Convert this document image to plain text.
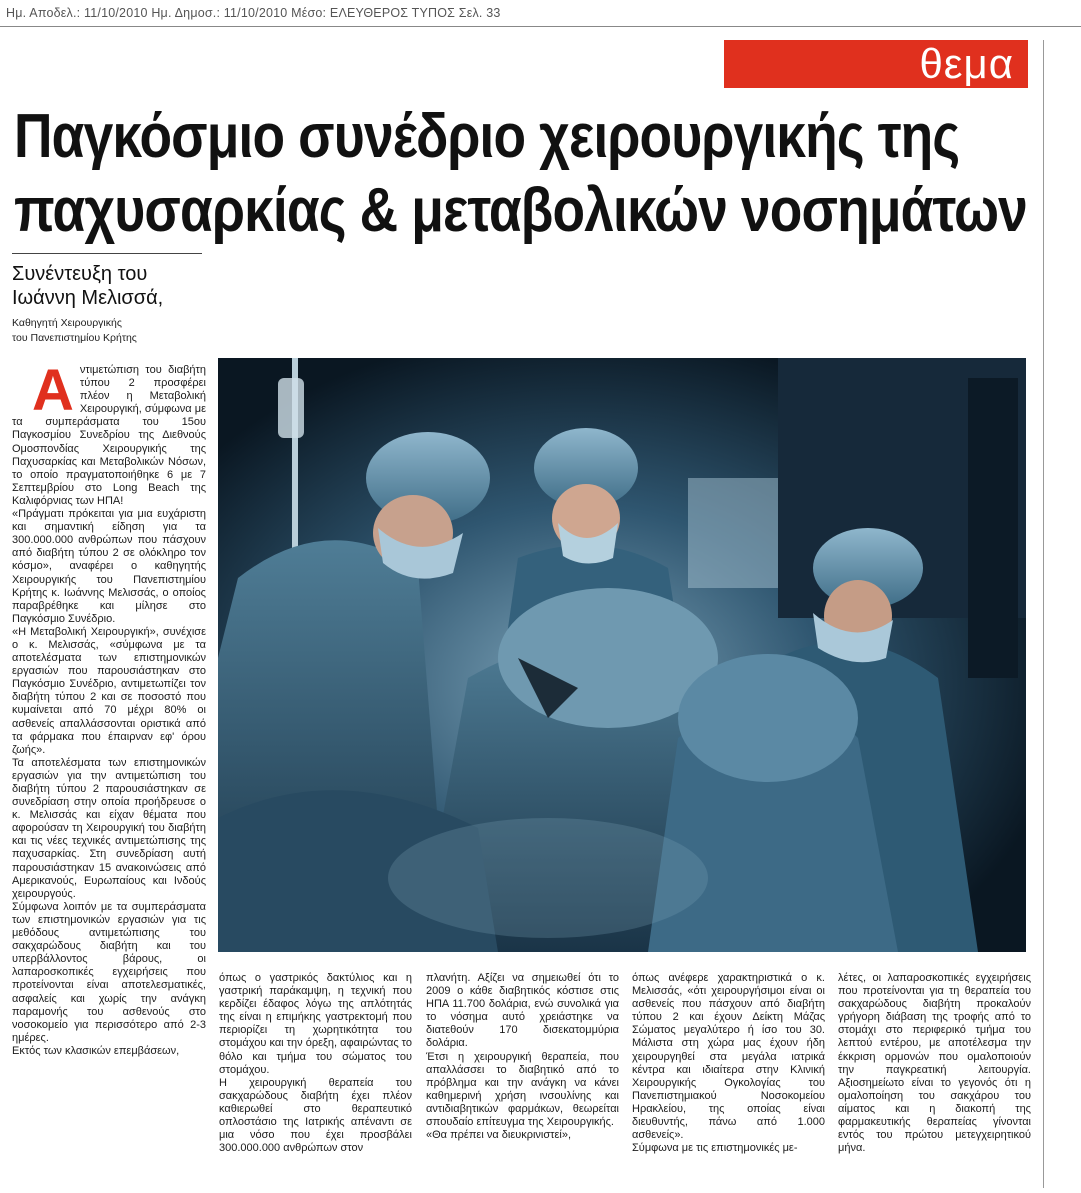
Ημ. Αποδελ.: 11/10/2010 Ημ. Δημοσ.: 11/10/2010 Μέσο: ΕΛΕΥΘΕΡΟΣ ΤΥΠΟΣ Σελ. 33
θεμα
Παγκόσμιο συνέδριο χειρουργικής της
παχυσαρκίας & μεταβολικών νοσημάτων
Συνέντευξη του
Ιωάννη Μελισσά,
Καθηγητή Χειρουργικής
του Πανεπιστημίου Κρήτης
Α ντιμετώπιση του διαβήτη τύπου 2 προσφέρει πλέον η Μεταβολική Χειρουργική, σύμφωνα με τα συμπεράσματα του 15ου Παγκοσμίου Συνεδρίου της Διεθνούς Ομοσπονδίας Χειρουργικής της Παχυσαρκίας και Μεταβολικών Νόσων, το οποίο πραγματοποιήθηκε 6 με 7 Σεπτεμβρίου στο Long Beach της Καλιφόρνιας των ΗΠΑ!

«Πράγματι πρόκειται για μια ευχάριστη και σημαντική είδηση για τα 300.000.000 ανθρώπων που πάσχουν από διαβήτη τύπου 2 σε ολόκληρο τον κόσμο», αναφέρει ο καθηγητής Χειρουργικής του Πανεπιστημίου Κρήτης κ. Ιωάννης Μελισσάς, ο οποίος παραβρέθηκε και μίλησε στο Παγκόσμιο Συνέδριο.

«Η Μεταβολική Χειρουργική», συνέχισε ο κ. Μελισσάς, «σύμφωνα με τα αποτελέσματα των επιστημονικών εργασιών που παρουσιάστηκαν στο Παγκόσμιο Συνέδριο, αντιμετωπίζει τον διαβήτη τύπου 2 και σε ποσοστό που κυμαίνεται από 70 μέχρι 80% οι ασθενείς απαλλάσσονται οριστικά από τα φάρμακα που έπαιρναν εφ' όρου ζωής».

Τα αποτελέσματα των επιστημονικών εργασιών για την αντιμετώπιση του διαβήτη τύπου 2 παρουσιάστηκαν σε συνεδρίαση στην οποία προήδρευσε ο κ. Μελισσάς και είχαν θέματα που αφορούσαν τη Χειρουργική του διαβήτη και τις νέες τεχνικές αντιμετώπισης της παχυσαρκίας. Στη συνεδρίαση αυτή παρουσιάστηκαν 15 ανακοινώσεις από Αμερικανούς, Ευρωπαίους και Ινδούς χειρουργούς.

Σύμφωνα λοιπόν με τα συμπεράσματα των επιστημονικών εργασιών για τις μεθόδους αντιμετώπισης του σακχαρώδους διαβήτη και του υπερβάλλοντος βάρους, οι λαπαροσκοπικές εγχειρήσεις που προτείνονται είναι αποτελεσματικές, ασφαλείς και χωρίς την ανάγκη παραμονής του ασθενούς στο νοσοκομείο για περισσότερο από 2-3 ημέρες.

Εκτός των κλασικών επεμβάσεων,

όπως ο γαστρικός δακτύλιος και η γαστρική παράκαμψη, η τεχνική που κερδίζει έδαφος λόγω της απλότητάς της είναι η επιμήκης γαστρεκτομή που περιορίζει τη χωρητικότητα του στομάχου και την όρεξη, αφαιρώντας το θόλο και τμήμα του σώματος του στομάχου.

Η χειρουργική θεραπεία του σακχαρώδους διαβήτη έχει πλέον καθιερωθεί στο θεραπευτικό οπλοστάσιο της Ιατρικής απέναντι σε μια νόσο που έχει προσβάλει 300.000.000 ανθρώπων στον

πλανήτη. Αξίζει να σημειωθεί ότι το 2009 ο κάθε διαβητικός κόστισε στις ΗΠΑ 11.700 δολάρια, ενώ συνολικά για το νόσημα αυτό χρειάστηκε να διατεθούν 170 δισεκατομμύρια δολάρια.

Έτσι η χειρουργική θεραπεία, που απαλλάσσει το διαβητικό από το πρόβλημα και την ανάγκη να κάνει καθημερινή χρήση ινσουλίνης και αντιδιαβητικών φαρμάκων, θεωρείται σπουδαίο επίτευγμα της Χειρουργικής.

«Θα πρέπει να διευκρινιστεί»,

όπως ανέφερε χαρακτηριστικά ο κ. Μελισσάς, «ότι χειρουργήσιμοι είναι οι ασθενείς που πάσχουν από διαβήτη τύπου 2 και έχουν Δείκτη Μάζας Σώματος μεγαλύτερο ή ίσο του 30. Μάλιστα στη χώρα μας έχουν ήδη χειρουργηθεί στα μεγάλα ιατρικά κέντρα και ιδιαίτερα στην Κλινική Χειρουργικής Ογκολογίας του Πανεπιστημιακού Νοσοκομείου Ηρακλείου, της οποίας είναι διευθυντής, πάνω από 1.000 ασθενείς».

Σύμφωνα με τις επιστημονικές με-

λέτες, οι λαπαροσκοπικές εγχειρήσεις που προτείνονται για τη θεραπεία του σακχαρώδους διαβήτη προκαλούν γρήγορη διάβαση της τροφής από το στομάχι στο περιφερικό τμήμα του λεπτού εντέρου, με αποτέλεσμα την έκκριση ορμονών που ομαλοποιούν την παγκρεατική λειτουργία. Αξιοσημείωτο είναι το γεγονός ότι η ομαλοποίηση του σακχάρου του αίματος και η διακοπή της φαρμακευτικής θεραπείας γίνονται εντός του πρώτου μετεγχειρητικού μήνα.
